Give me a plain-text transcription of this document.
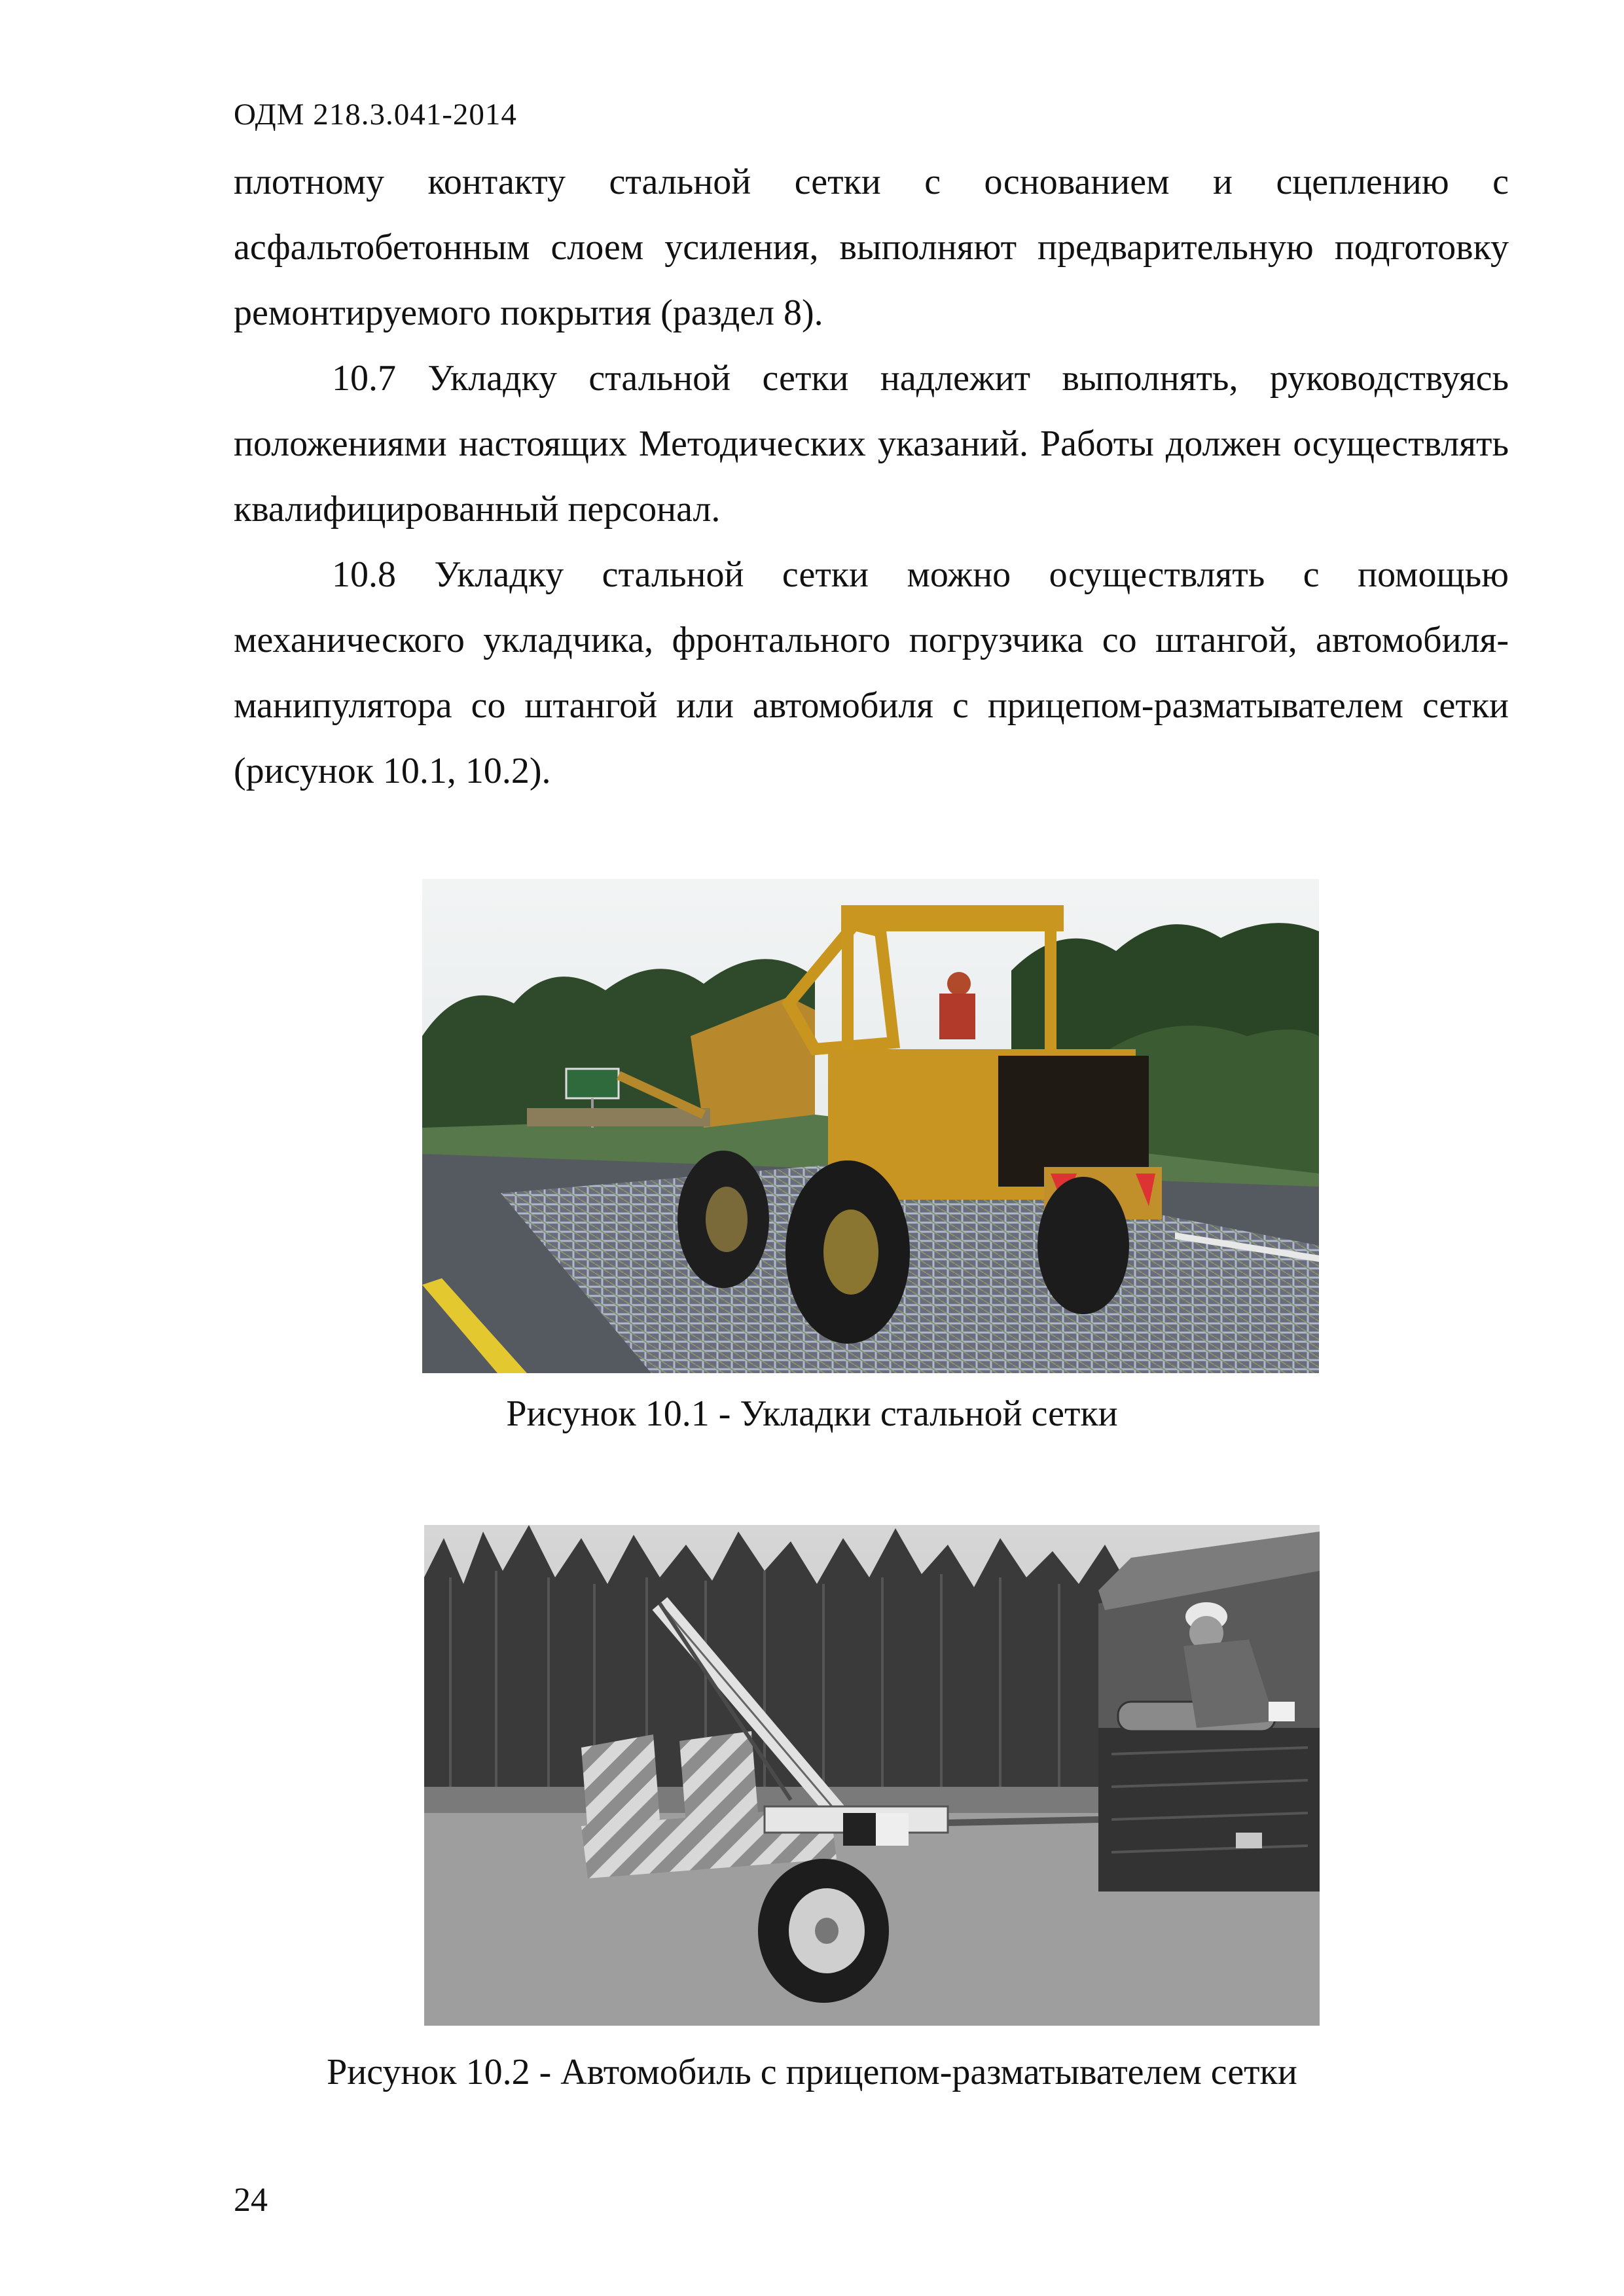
ОДМ 218.3.041-2014

плотному контакту стальной сетки с основанием и сцеплению с асфальтобетонным слоем усиления, выполняют предварительную подготовку ремонтируемого покрытия (раздел 8).

10.7 Укладку стальной сетки надлежит выполнять, руководствуясь положениями настоящих Методических указаний. Работы должен осуществлять квалифицированный персонал.

10.8 Укладку стальной сетки можно осуществлять с помощью механического укладчика, фронтального погрузчика со штангой, автомобиля-манипулятора со штангой или автомобиля с прицепом-разматывателем сетки (рисунок 10.1, 10.2).

Рисунок 10.1 - Укладки стальной сетки
Рисунок 10.2 - Автомобиль с прицепом-разматывателем сетки
24
